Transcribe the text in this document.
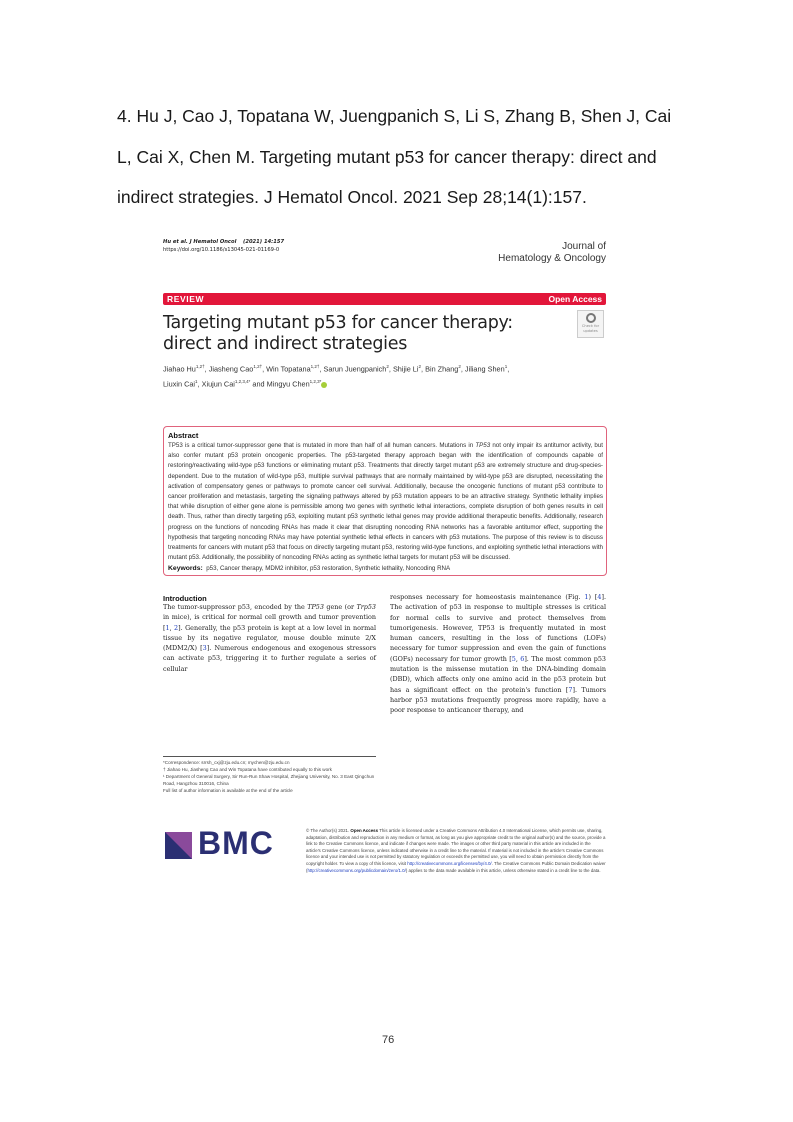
4. Hu J, Cao J, Topatana W, Juengpanich S, Li S, Zhang B, Shen J, Cai

L, Cai X, Chen M. Targeting mutant p53 for cancer therapy: direct and

indirect strategies. J Hematol Oncol. 2021 Sep 28;14(1):157.

Hu et al. J Hematol Oncol (2021) 14:157
https://doi.org/10.1186/s13045-021-01169-0	Journal of
Hematology & Oncology
REVIEW	Open Access
Targeting mutant p53 for cancer therapy:
direct and indirect strategies
Check for
updates
Jiahao $Hu^{1,2\dagger}$, Jiasheng Cao$^{1,2\dagger}$, Win Topatana$^{1,2\dagger}$, Sarun Juengpanich$^2$, Shijie Li$^2$, Bin Zhang$^2$, Jiliang Shen$^1$,
Liuxin Cai$^1$, Xiujun Cai$^{1,2,3,4*}$ and Mingyu Chen$^{1,2,3*}$
Abstract
TP53 is a critical tumor-suppressor gene that is mutated in more than half of all human cancers. Mutations in TP53 not only impair its antitumor activity, but also confer mutant p53 protein oncogenic properties. The p53-targeted therapy approach began with the identification of compounds capable of restoring/reactivating wild-type p53 functions or eliminating mutant p53. Treatments that directly target mutant p53 are extremely structure and drug-species-dependent. Due to the mutation of wild-type p53, multiple survival pathways that are normally maintained by wild-type p53 are disrupted, necessitating the activation of compensatory genes or pathways to promote cancer cell survival. Additionally, because the oncogenic functions of mutant p53 contribute to cancer proliferation and metastasis, targeting the signaling pathways altered by p53 mutation appears to be an attractive strategy. Synthetic lethality implies that while disruption of either gene alone is permissible among two genes with synthetic lethal interactions, complete disruption of both genes results in cell death. Thus, rather than directly targeting p53, exploiting mutant p53 synthetic lethal genes may provide additional therapeutic benefits. Additionally, research progress on the functions of noncoding RNAs has made it clear that disrupting noncoding RNA networks has a favorable antitumor effect, supporting the hypothesis that targeting noncoding RNAs may have potential synthetic lethal effects in cancers with p53 mutations. The purpose of this review is to discuss treatments for cancers with mutant p53 that focus on directly targeting mutant p53, restoring wild-type functions, and exploiting synthetic lethal interactions with mutant p53. Additionally, the possibility of noncoding RNAs acting as synthetic lethal targets for mutant p53 will be discussed.
Keywords: p53, Cancer therapy, MDM2 inhibitor, p53 restoration, Synthetic lethality, Noncoding RNA
Introduction
The tumor-suppressor p53, encoded by the TP53 gene (or Trp53 in mice), is critical for normal cell growth and tumor prevention [1, 2]. Generally, the p53 protein is kept at a low level in normal tissue by its negative regulator, mouse double minute 2/X (MDM2/X) [3]. Numerous endogenous and exogenous stressors can activate p53, triggering it to further regulate a series of cellular
responses necessary for homeostasis maintenance (Fig. 1) [4]. The activation of p53 in response to multiple stresses is critical for normal cells to survive and protect themselves from tumorigenesis. However, TP53 is frequently mutated in most human cancers, resulting in the loss of functions (LOFs) necessary for tumor suppression and even the gain of functions (GOFs) necessary for tumor growth [5, 6]. The most common p53 mutation is the missense mutation in the DNA-binding domain (DBD), which affects only one amino acid in the p53 protein but has a significant effect on the protein's function [7]. Tumors harbor p53 mutations frequently progress more rapidly, have a poor response to anticancer therapy, and
*Correspondence: srrsh_cxj@zju.edu.cn; mychen@zju.edu.cn
† Jiahao Hu, Jiasheng Cao and Win Topatana have contributed equally to this work
¹ Department of General Surgery, Sir Run-Run Shaw Hospital, Zhejiang University, No. 3 East Qingchun Road, Hangzhou 310016, China
Full list of author information is available at the end of the article
BMC	© The Author(s) 2021. Open Access This article is licensed under a Creative Commons Attribution 4.0 International License, which permits use, sharing, adaptation, distribution and reproduction in any medium or format, as long as you give appropriate credit to the original author(s) and the source, provide a link to the Creative Commons licence, and indicate if changes were made. The images or other third party material in this article are included in the article's Creative Commons licence, unless indicated otherwise in a credit line to the material. If material is not included in the article's Creative Commons licence and your intended use is not permitted by statutory regulation or exceeds the permitted use, you will need to obtain permission directly from the copyright holder. To view a copy of this licence, visit http://creativecommons.org/licenses/by/4.0/. The Creative Commons Public Domain Dedication waiver (http://creativecommons.org/publicdomain/zero/1.0/) applies to the data made available in this article, unless otherwise stated in a credit line to the data.
76
